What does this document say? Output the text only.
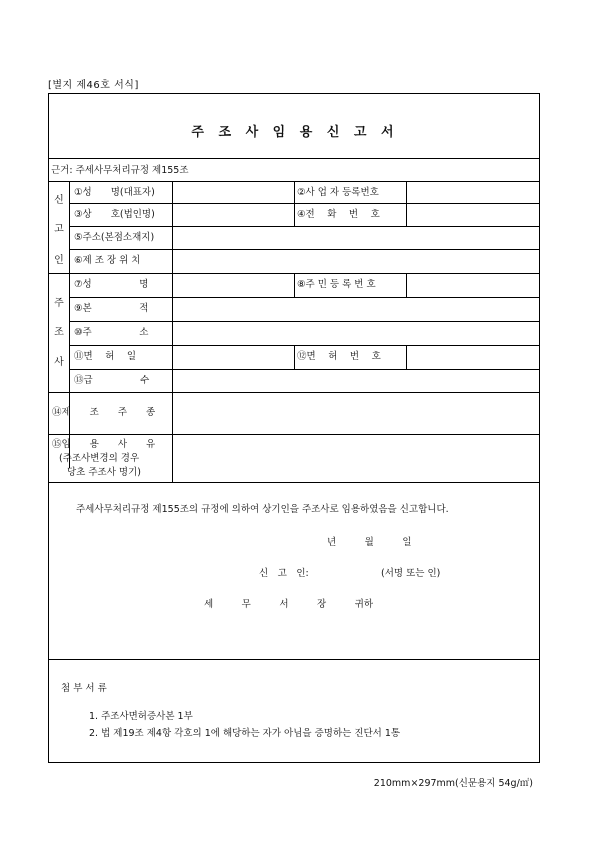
[별지 제46호 서식]
주 조 사 임 용 신 고 서
근거: 주세사무처리규정 제155조
신
고
인
①성　　명(대표자)	②사 업 자 등록번호
③상　　호(법인명)	④전　 화　 번　 호
⑤주소(본점소재지)
⑥제 조 장 위 치
주
조
사
⑦성　　　　　명	⑧주 민 등 록 번 호
⑨본　　　　　적
⑩주　　　　　소
⑪면　 허　 일	⑫면　 허　 번　 호
⑬급　　　　　수
⑭제　　조　　주　　종
⑮임　　용　　사　　유
(주조사변경의 경우
당초 주조사 명기)
주세사무처리규정 제155조의 규정에 의하여 상기인을 주조사로 임용하였음을 신고합니다.
년　　　월　　　일
신　고　인:	(서명 또는 인)
세　　　무　　　서　　　장　　　귀하
첨 부 서 류
1. 주조사면허증사본 1부
2. 법 제19조 제4항 각호의 1에 해당하는 자가 아님을 증명하는 진단서 1통
210mm×297mm(신문용지 54g/㎡)
